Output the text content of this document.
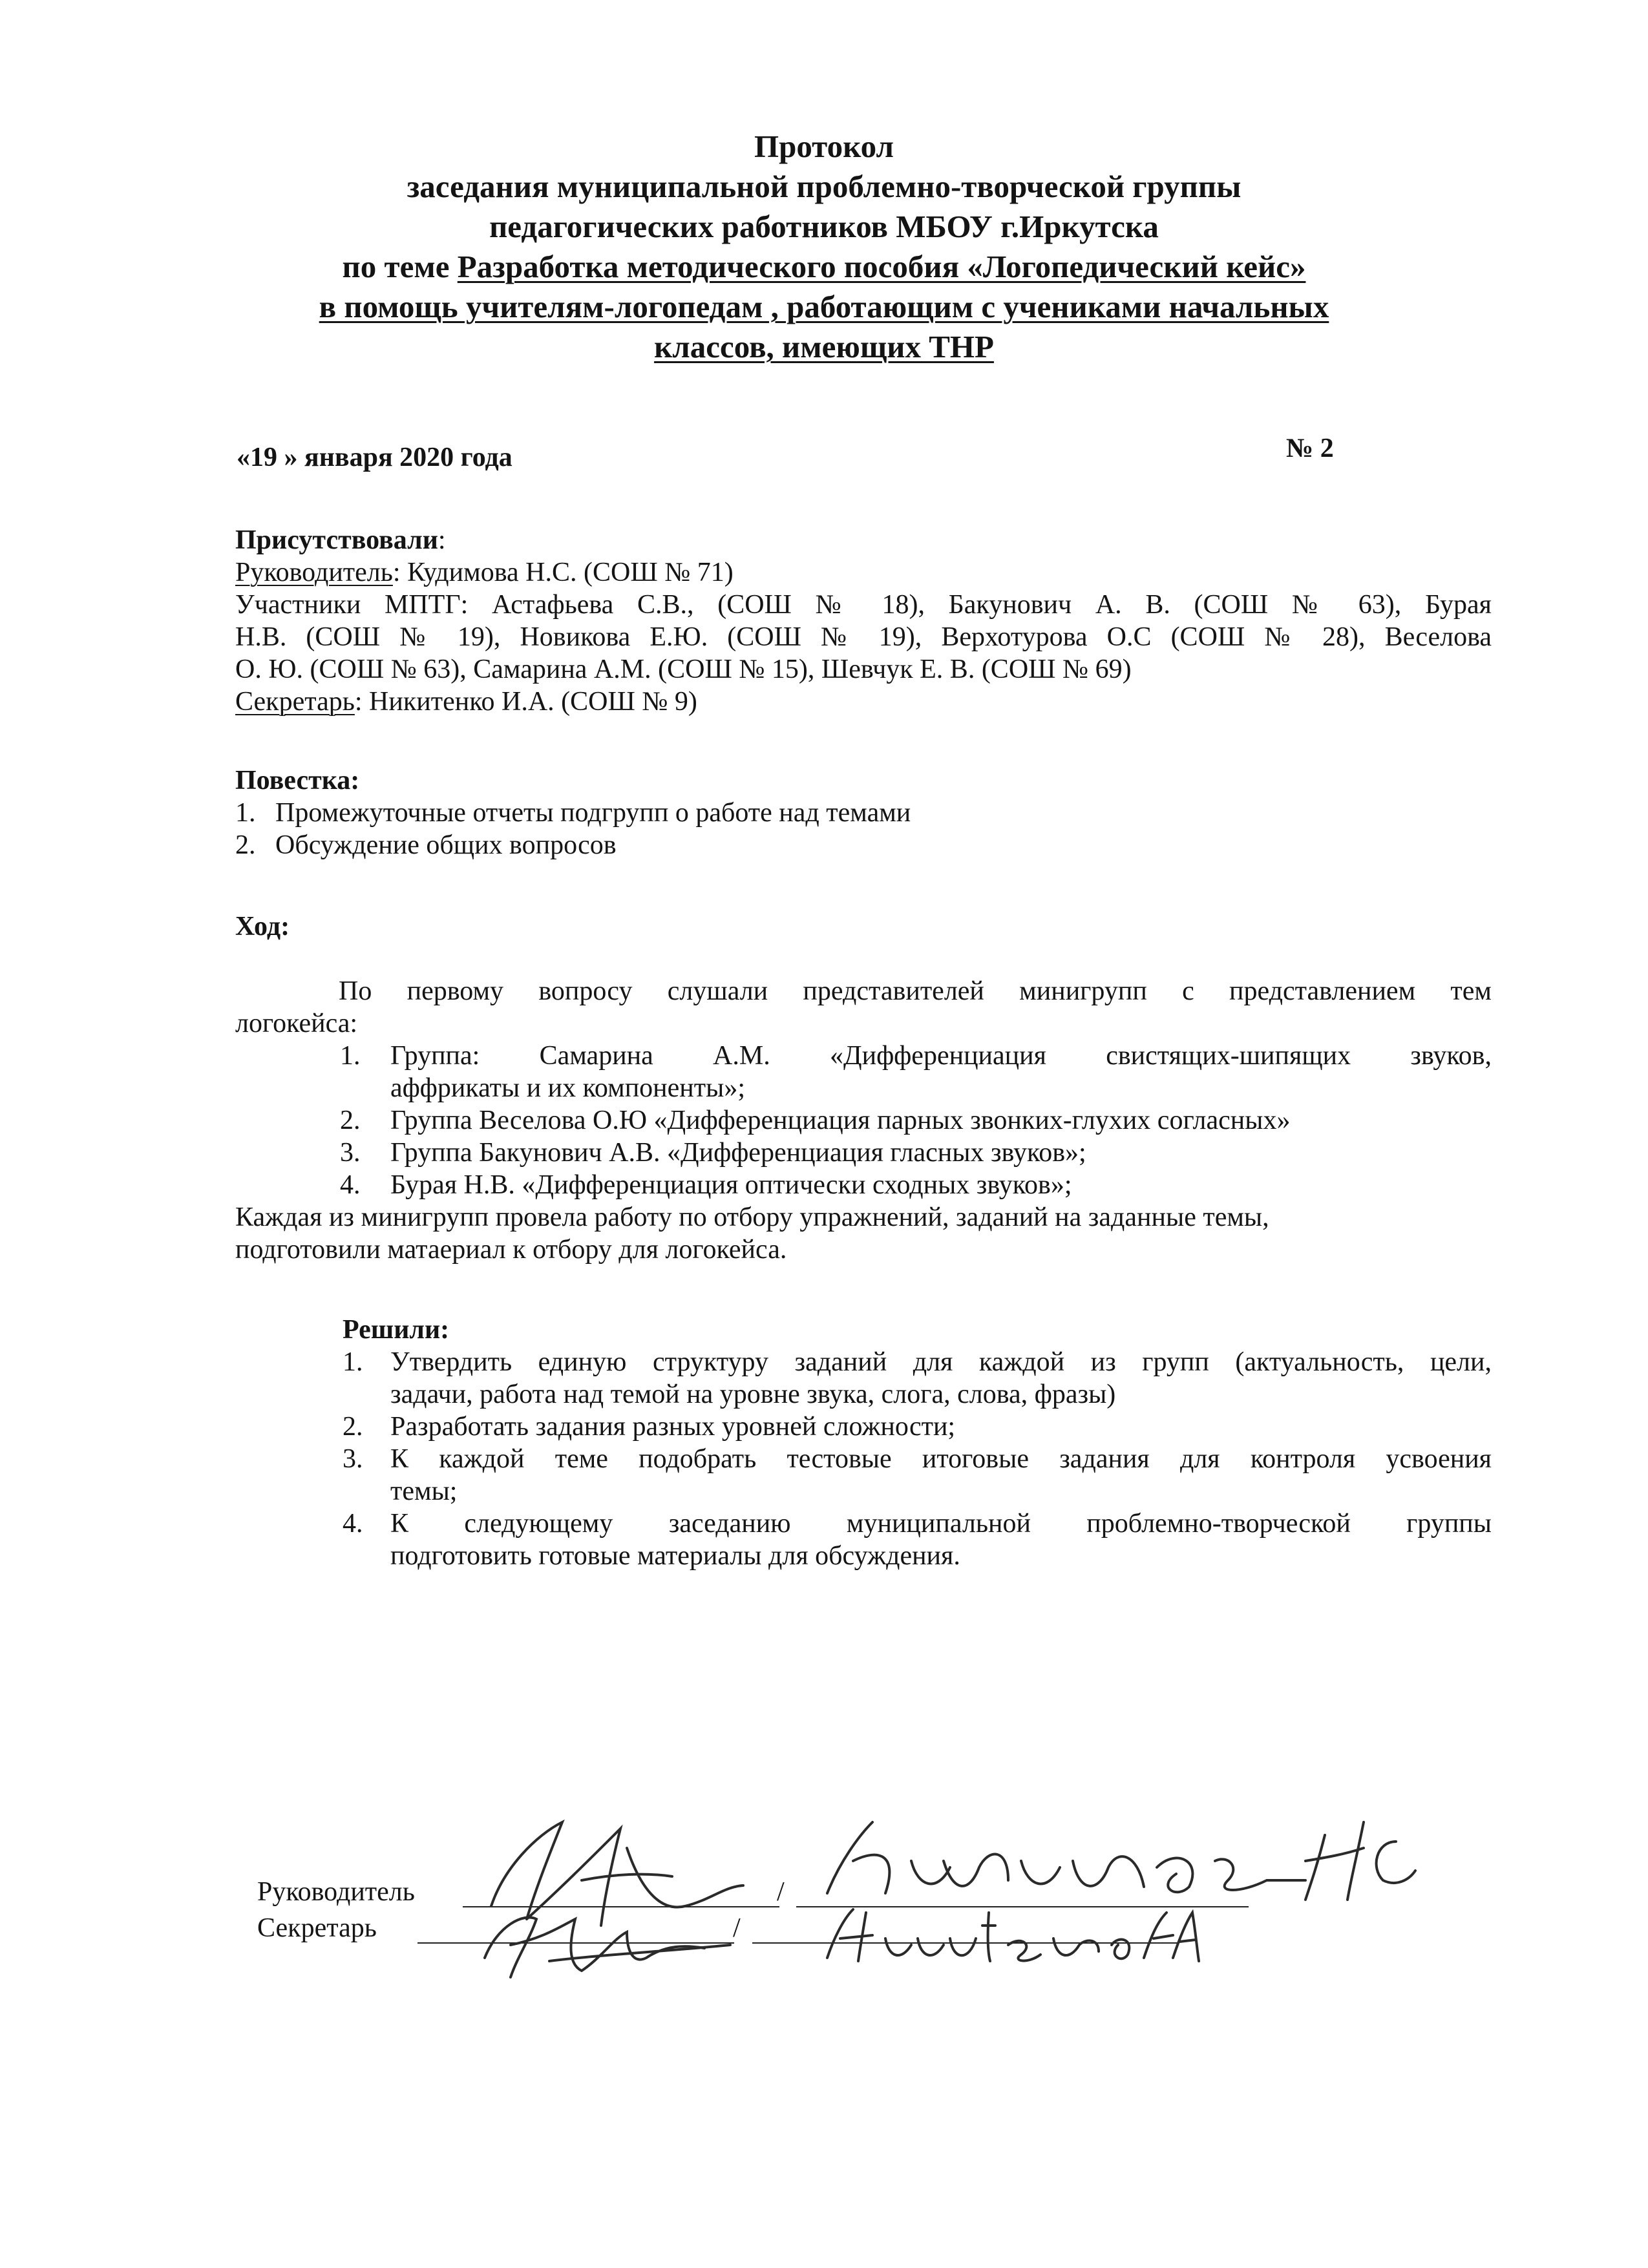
Протокол
заседания муниципальной проблемно-творческой группы
педагогических работников МБОУ г.Иркутска
по теме Разработка методического пособия «Логопедический кейс»
в помощь учителям-логопедам , работающим с учениками начальных
классов, имеющих ТНР
«19 » января 2020 года	№ 2
Присутствовали:
Руководитель: Кудимова Н.С. (СОШ № 71)
Участники МПТГ: Астафьева С.В., (СОШ № 18), Бакунович А. В. (СОШ № 63), Бурая
Н.В. (СОШ № 19), Новикова Е.Ю. (СОШ № 19), Верхотурова О.С (СОШ № 28), Веселова
О. Ю. (СОШ № 63), Самарина А.М. (СОШ № 15), Шевчук Е. В. (СОШ № 69)
Секретарь: Никитенко И.А. (СОШ № 9)
Повестка:
1. Промежуточные отчеты подгрупп о работе над темами
2. Обсуждение общих вопросов
Ход:
По первому вопросу слушали представителей минигрупп с представлением тем
логокейса:
1. Группа: Самарина А.М. «Дифференциация свистящих-шипящих звуков,
аффрикаты и их компоненты»;
2. Группа Веселова О.Ю «Дифференциация парных звонких-глухих согласных»
3. Группа Бакунович А.В. «Дифференциация гласных звуков»;
4. Бурая Н.В. «Дифференциация оптически сходных звуков»;
Каждая из минигрупп провела работу по отбору упражнений, заданий на заданные темы,
подготовили матаериал к отбору для логокейса.
Решили:
1. Утвердить единую структуру заданий для каждой из групп (актуальность, цели,
задачи, работа над темой на уровне звука, слога, слова, фразы)
2. Разработать задания разных уровней сложности;
3. К каждой теме подобрать тестовые итоговые задания для контроля усвоения
темы;
4. К следующему заседанию муниципальной проблемно-творческой группы
подготовить готовые материалы для обсуждения.
Руководитель	/
Секретарь	/
